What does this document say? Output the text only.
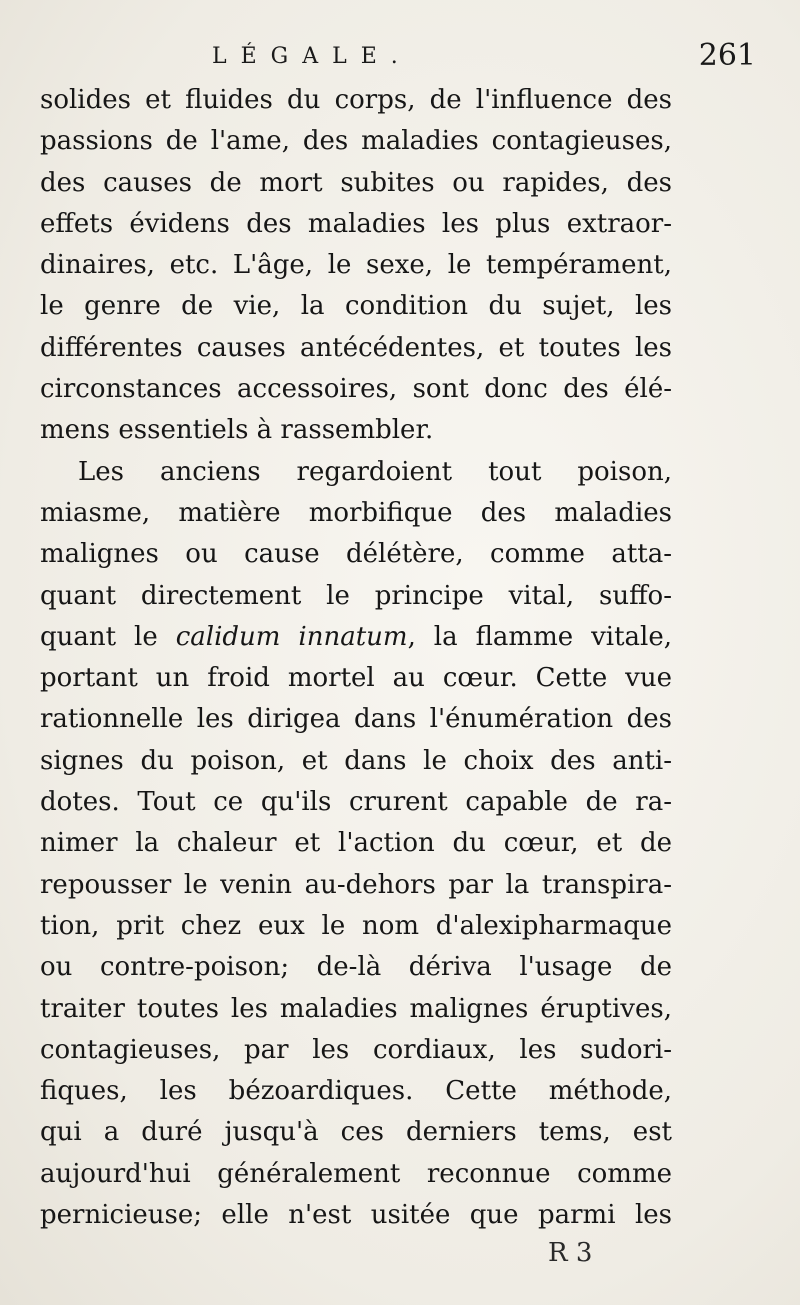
LÉGALE.	261
solides et fluides du corps, de l'influence des
passions de l'ame, des maladies contagieuses,
des causes de mort subites ou rapides, des
effets évidens des maladies les plus extraor-
dinaires, etc. L'âge, le sexe, le tempérament,
le genre de vie, la condition du sujet, les
différentes causes antécédentes, et toutes les
circonstances accessoires, sont donc des élé-
mens essentiels à rassembler.
Les anciens regardoient tout poison,
miasme, matière morbifique des maladies
malignes ou cause délétère, comme atta-
quant directement le principe vital, suffo-
quant le calidum innatum, la flamme vitale,
portant un froid mortel au cœur. Cette vue
rationnelle les dirigea dans l'énumération des
signes du poison, et dans le choix des anti-
dotes. Tout ce qu'ils crurent capable de ra-
nimer la chaleur et l'action du cœur, et de
repousser le venin au-dehors par la transpira-
tion, prit chez eux le nom d'alexipharmaque
ou contre-poison; de-là dériva l'usage de
traiter toutes les maladies malignes éruptives,
contagieuses, par les cordiaux, les sudori-
fiques, les bézoardiques. Cette méthode,
qui a duré jusqu'à ces derniers tems, est
aujourd'hui généralement reconnue comme
pernicieuse; elle n'est usitée que parmi les
R 3
